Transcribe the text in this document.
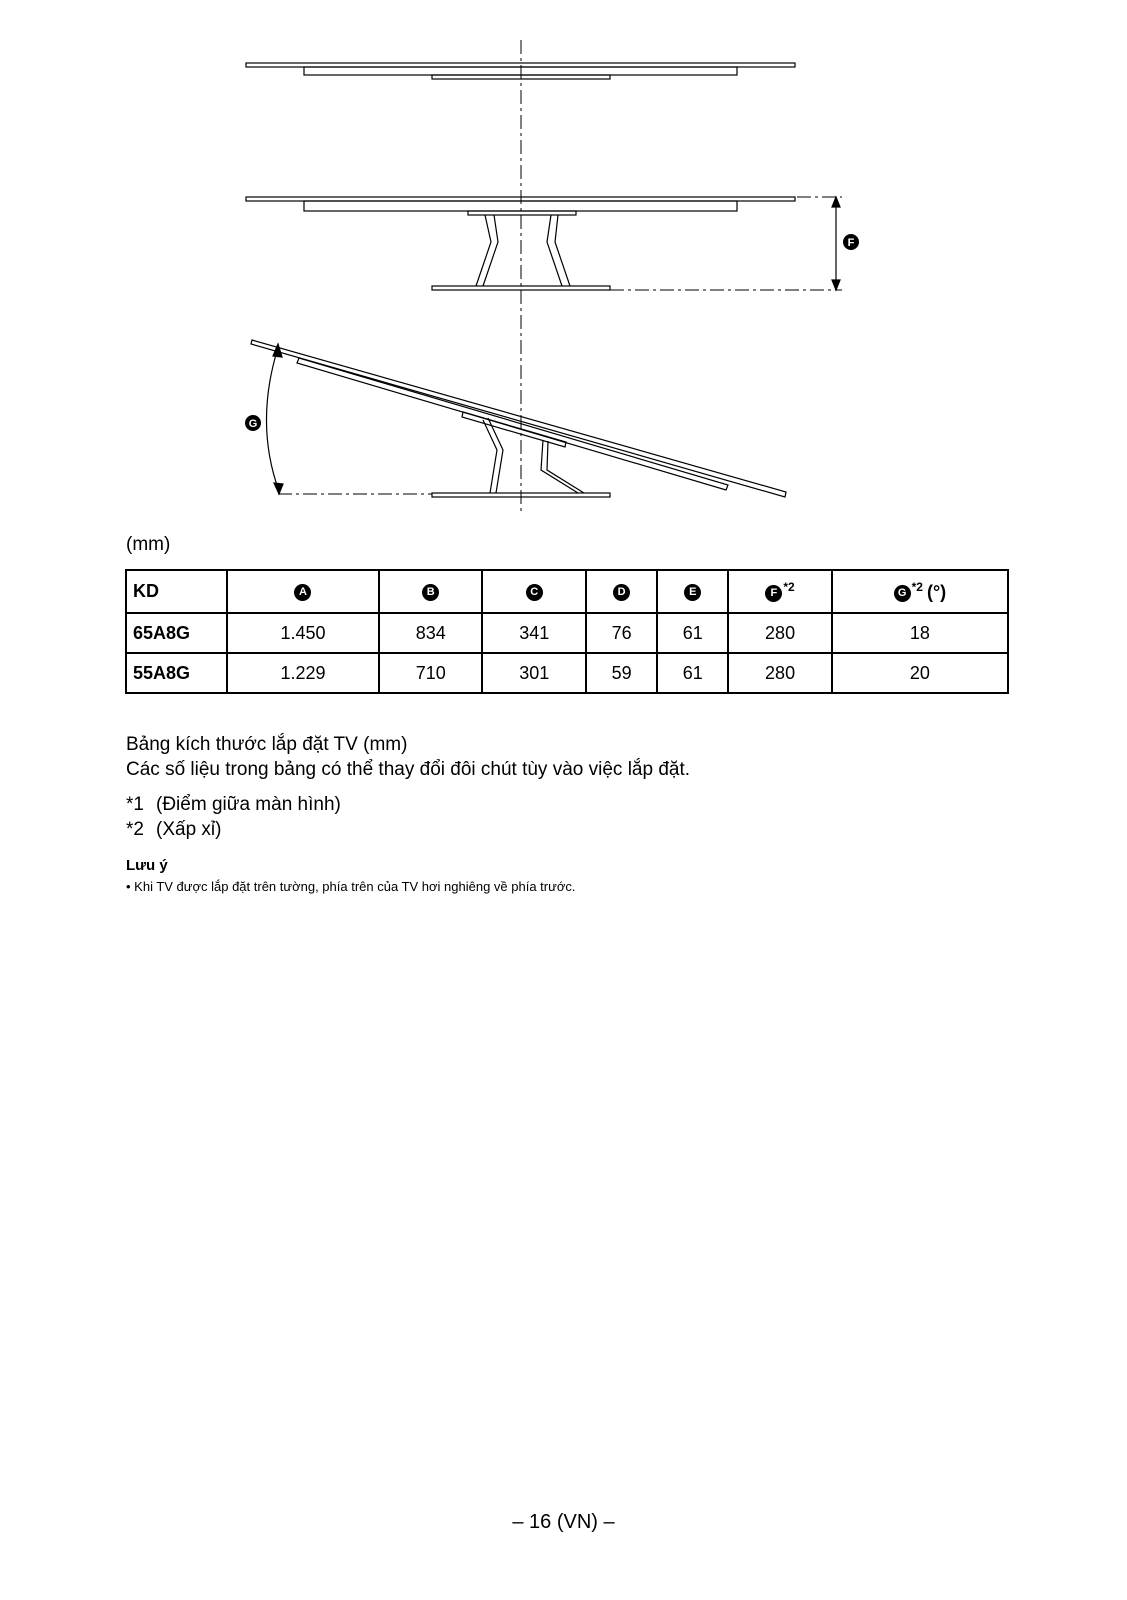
F
G
(mm)
KD	A	B	C	D	E	F $^{*2}$	G $^{*2}$ (°)
65A8G	1.450	834	341	76	61	280	18
55A8G	1.229	710	301	59	61	280	20
Bảng kích thước lắp đặt TV (mm)
Các số liệu trong bảng có thể thay đổi đôi chút tùy vào việc lắp đặt.
*1 (Điểm giữa màn hình)
*2 (Xấp xỉ)
Lưu ý
• Khi TV được lắp đặt trên tường, phía trên của TV hơi nghiêng về phía trước.
– 16 (VN) –
